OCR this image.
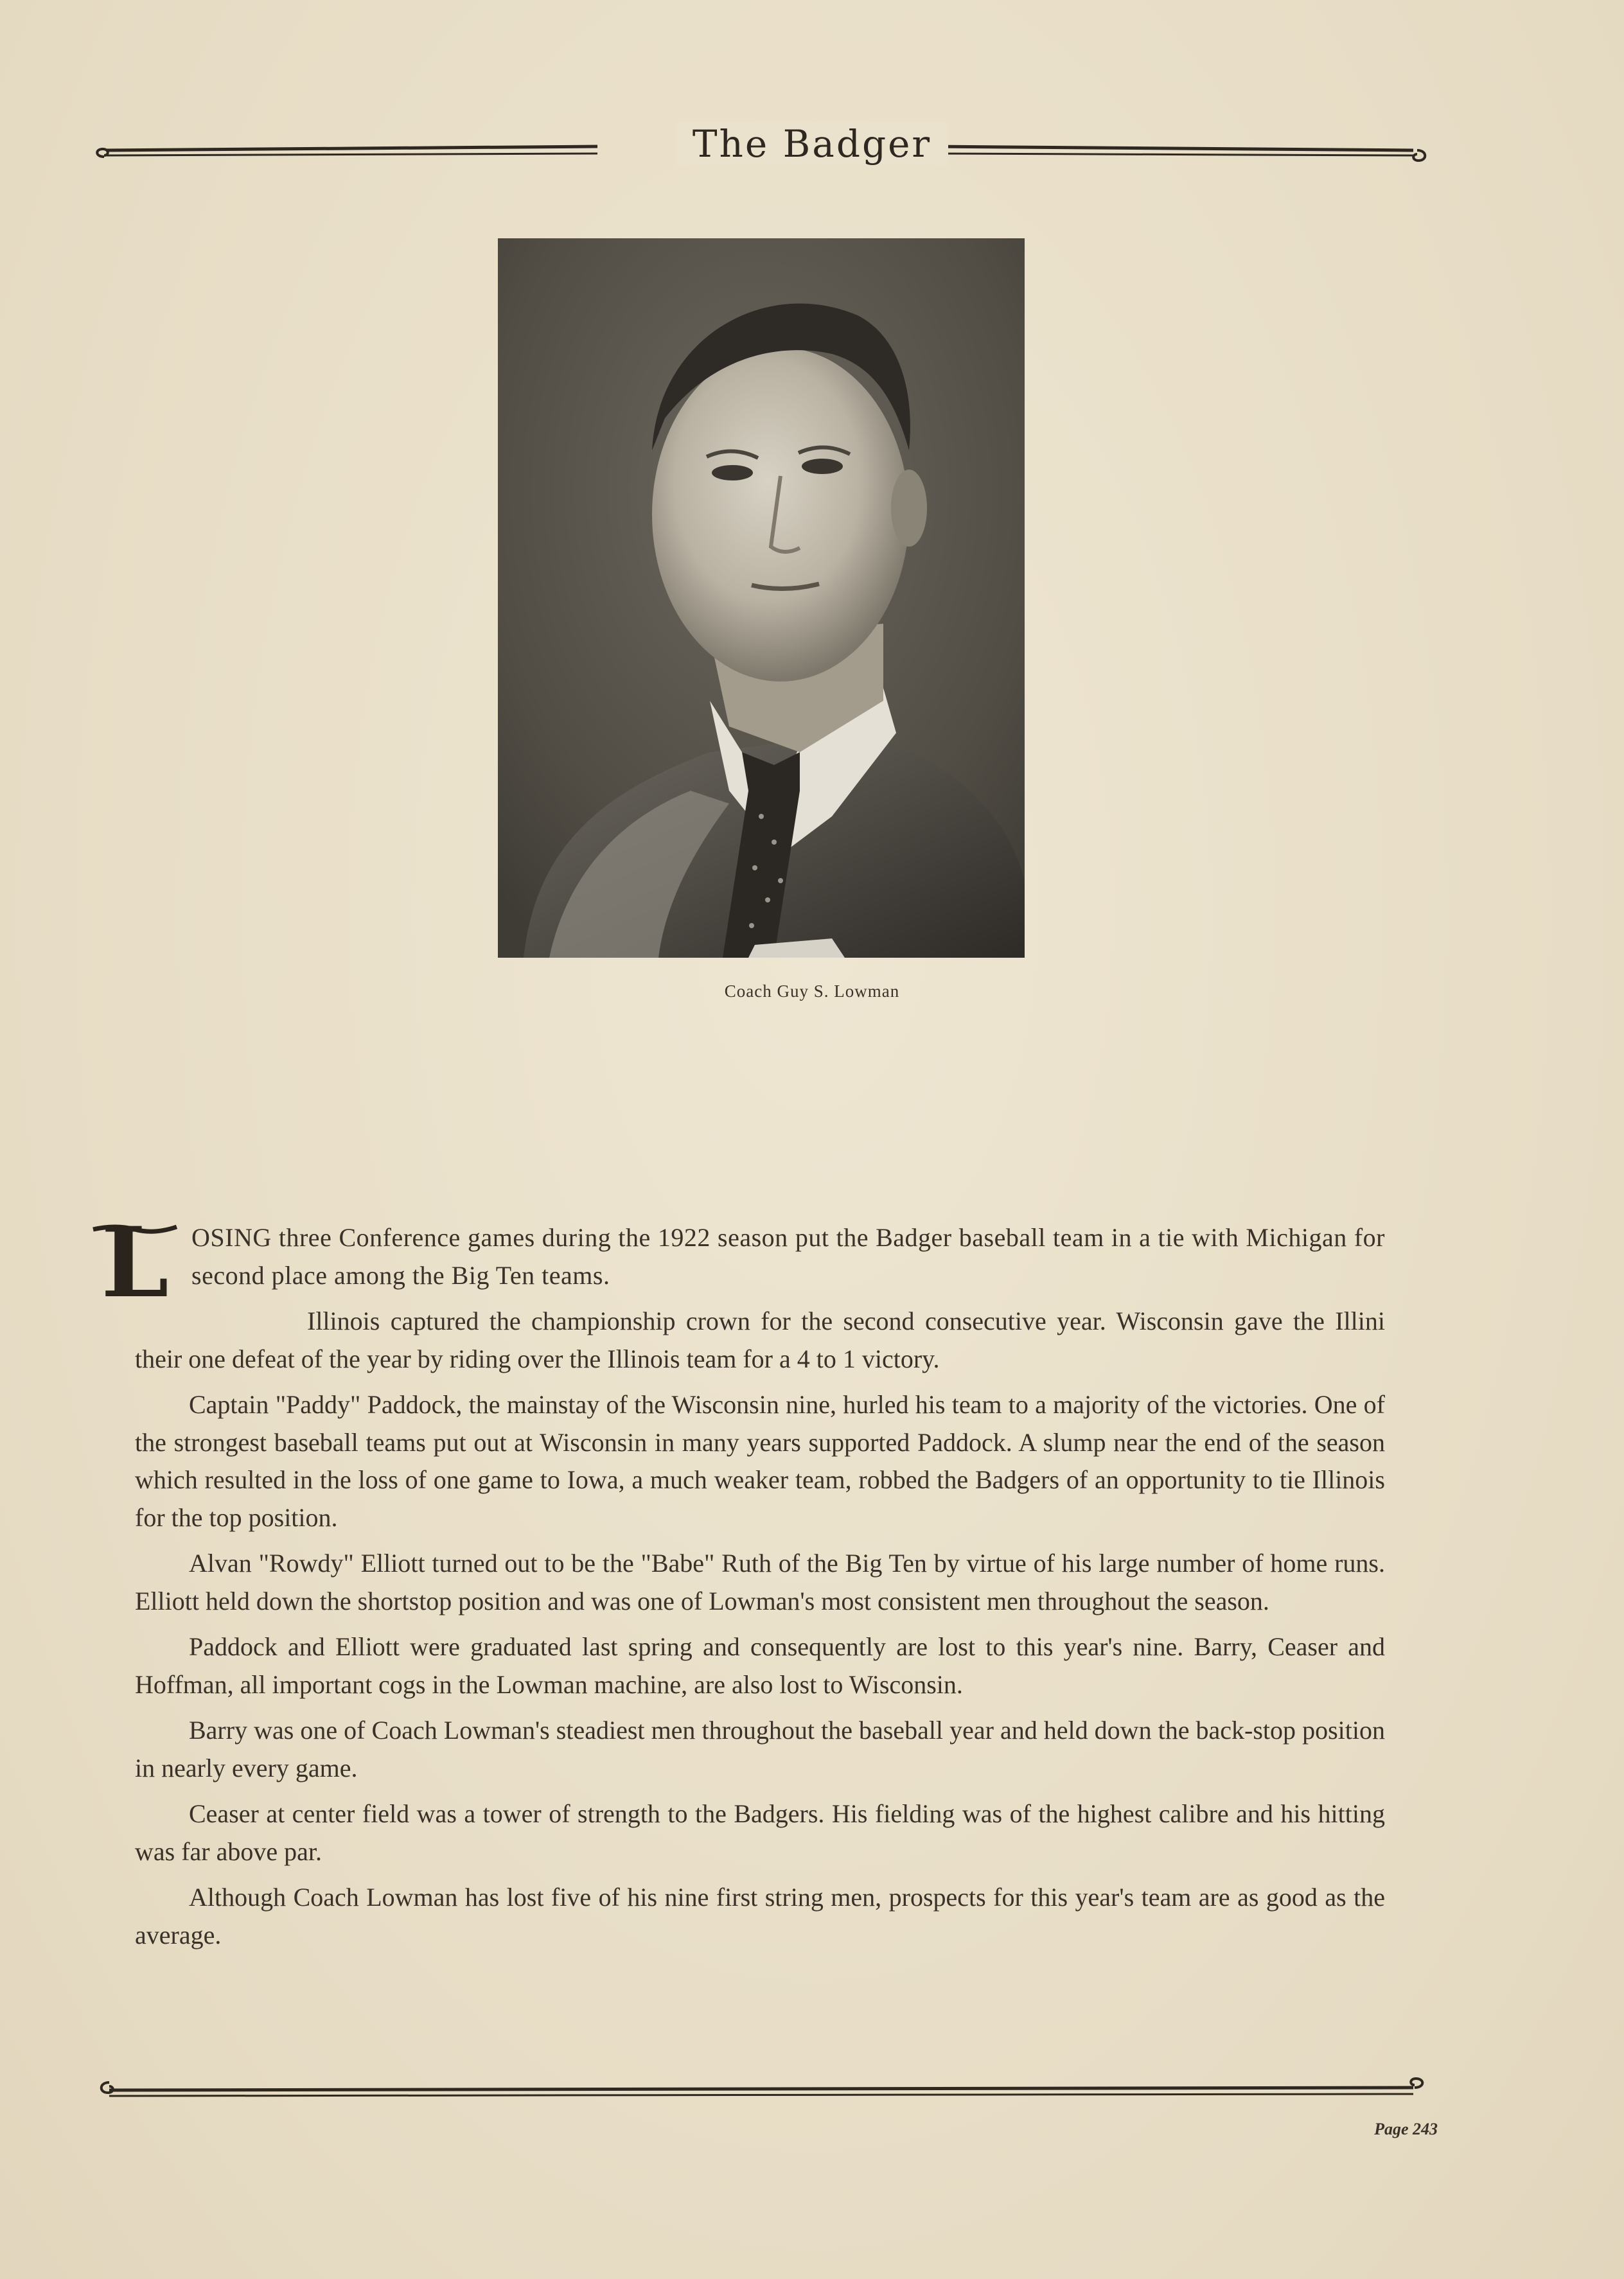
The Badger
Coach Guy S. Lowman

L OSING three Conference games during the 1922 season put the Badger baseball team in a tie with Michigan for second place among the Big Ten teams.

Illinois captured the championship crown for the second consecutive year. Wisconsin gave the Illini their one defeat of the year by riding over the Illinois team for a 4 to 1 victory.

Captain "Paddy" Paddock, the mainstay of the Wisconsin nine, hurled his team to a majority of the victories. One of the strongest baseball teams put out at Wisconsin in many years supported Paddock. A slump near the end of the season which resulted in the loss of one game to Iowa, a much weaker team, robbed the Badgers of an opportunity to tie Illinois for the top position.

Alvan "Rowdy" Elliott turned out to be the "Babe" Ruth of the Big Ten by virtue of his large number of home runs. Elliott held down the shortstop position and was one of Lowman's most consistent men throughout the season.

Paddock and Elliott were graduated last spring and consequently are lost to this year's nine. Barry, Ceaser and Hoffman, all important cogs in the Lowman machine, are also lost to Wisconsin.

Barry was one of Coach Lowman's steadiest men throughout the baseball year and held down the back-stop position in nearly every game.

Ceaser at center field was a tower of strength to the Badgers. His fielding was of the highest calibre and his hitting was far above par.

Although Coach Lowman has lost five of his nine first string men, prospects for this year's team are as good as the average.

Page 243
